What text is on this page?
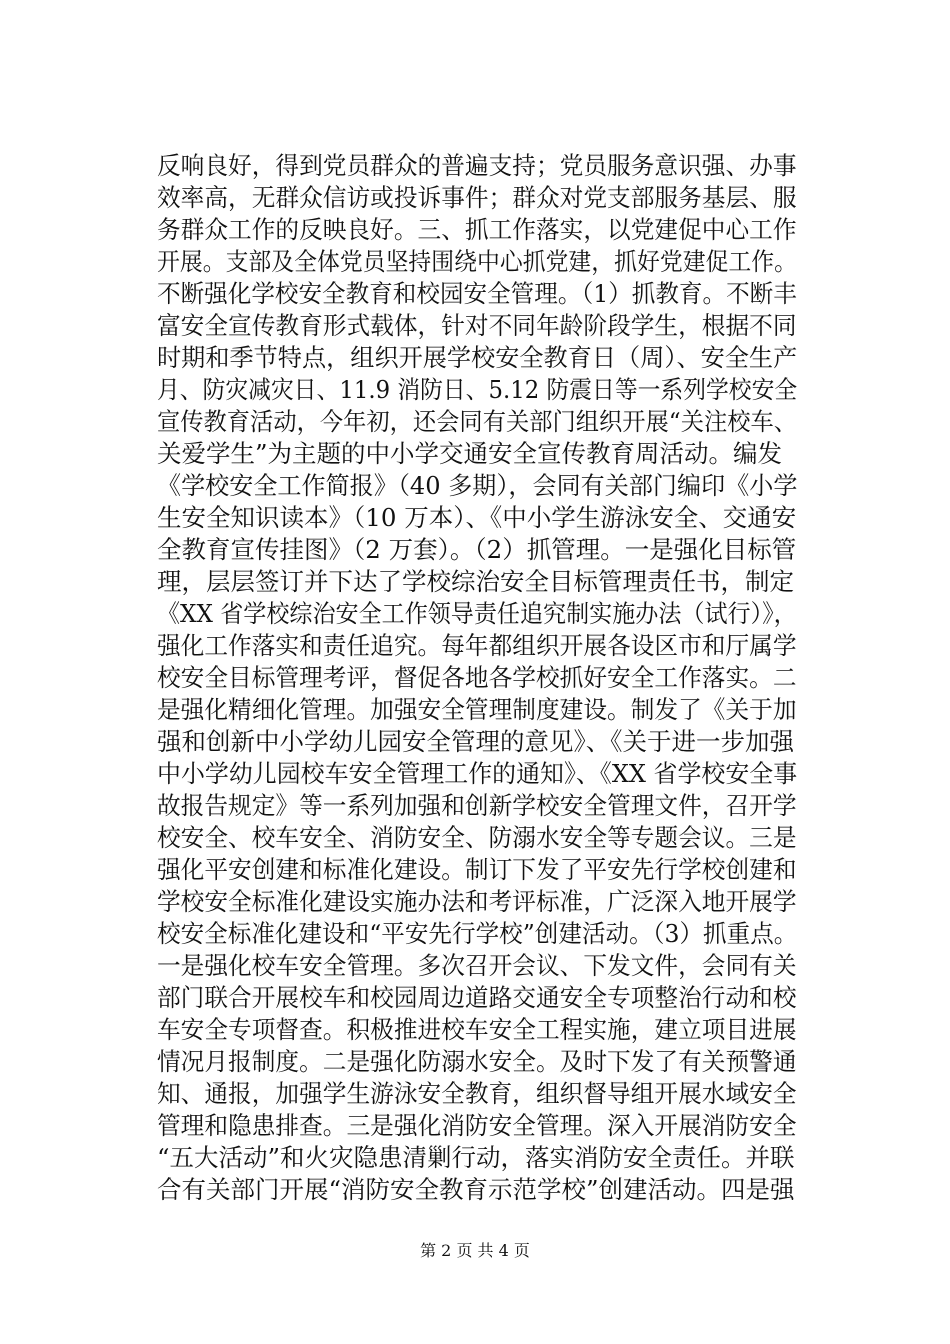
反响良好，得到党员群众的普遍支持；党员服务意识强、办事
效率高，无群众信访或投诉事件；群众对党支部服务基层、服
务群众工作的反映良好。三、抓工作落实，以党建促中心工作
开展。支部及全体党员坚持围绕中心抓党建，抓好党建促工作。
不断强化学校安全教育和校园安全管理。（1）抓教育。不断丰
富安全宣传教育形式载体，针对不同年龄阶段学生，根据不同
时期和季节特点，组织开展学校安全教育日（周）、安全生产
月、防灾减灾日、11.9 消防日、5.12 防震日等一系列学校安全
宣传教育活动，今年初，还会同有关部门组织开展“关注校车、
关爱学生”为主题的中小学交通安全宣传教育周活动。编发
《学校安全工作简报》（40 多期），会同有关部门编印《小学
生安全知识读本》（10 万本）、《中小学生游泳安全、交通安
全教育宣传挂图》（2 万套）。（2）抓管理。一是强化目标管
理，层层签订并下达了学校综治安全目标管理责任书，制定
《XX 省学校综治安全工作领导责任追究制实施办法（试行）》，
强化工作落实和责任追究。每年都组织开展各设区市和厅属学
校安全目标管理考评，督促各地各学校抓好安全工作落实。二
是强化精细化管理。加强安全管理制度建设。制发了《关于加
强和创新中小学幼儿园安全管理的意见》、《关于进一步加强
中小学幼儿园校车安全管理工作的通知》、《XX 省学校安全事
故报告规定》等一系列加强和创新学校安全管理文件，召开学
校安全、校车安全、消防安全、防溺水安全等专题会议。三是
强化平安创建和标准化建设。制订下发了平安先行学校创建和
学校安全标准化建设实施办法和考评标准，广泛深入地开展学
校安全标准化建设和“平安先行学校”创建活动。（3）抓重点。
一是强化校车安全管理。多次召开会议、下发文件，会同有关
部门联合开展校车和校园周边道路交通安全专项整治行动和校
车安全专项督查。积极推进校车安全工程实施，建立项目进展
情况月报制度。二是强化防溺水安全。及时下发了有关预警通
知、通报，加强学生游泳安全教育，组织督导组开展水域安全
管理和隐患排查。三是强化消防安全管理。深入开展消防安全
“五大活动”和火灾隐患清剿行动，落实消防安全责任。并联
合有关部门开展“消防安全教育示范学校”创建活动。四是强
第 2 页 共 4 页
